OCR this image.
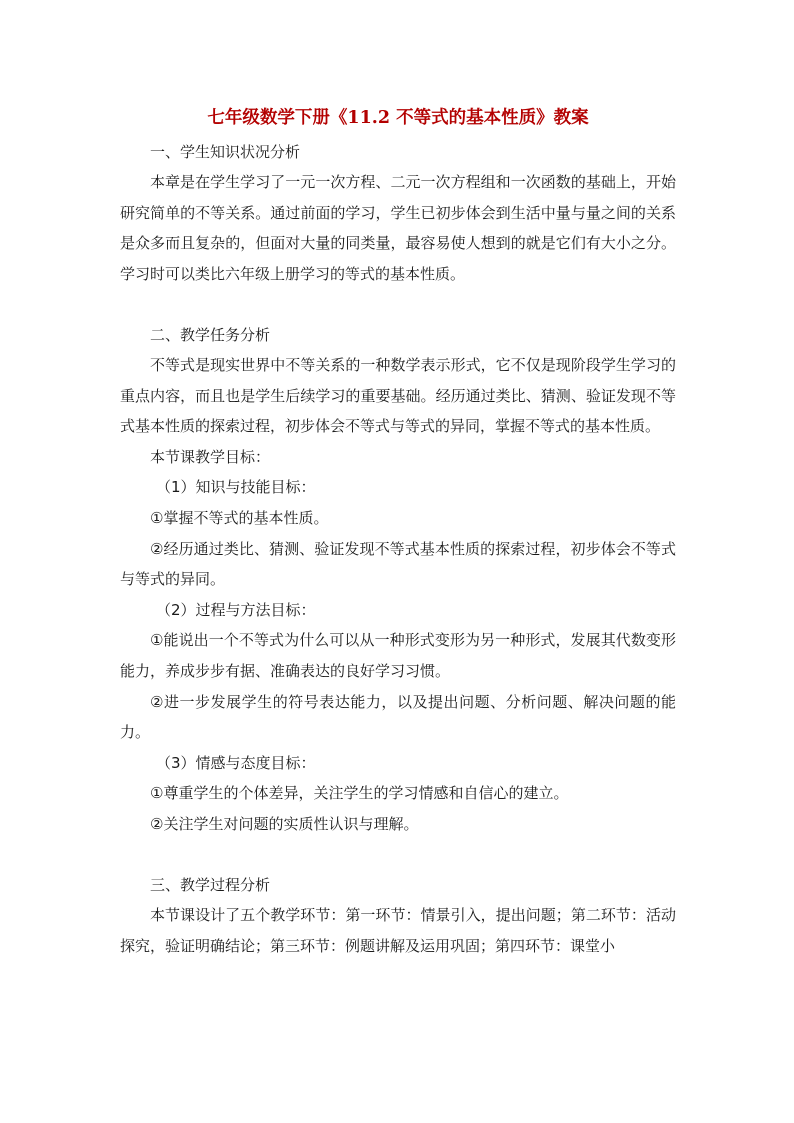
七年级数学下册《11.2 不等式的基本性质》教案

一、学生知识状况分析

本章是在学生学习了一元一次方程、二元一次方程组和一次函数的基础上，开始研究简单的不等关系。通过前面的学习，学生已初步体会到生活中量与量之间的关系是众多而且复杂的，但面对大量的同类量，最容易使人想到的就是它们有大小之分。学习时可以类比六年级上册学习的等式的基本性质。

二、教学任务分析

不等式是现实世界中不等关系的一种数学表示形式，它不仅是现阶段学生学习的重点内容，而且也是学生后续学习的重要基础。经历通过类比、猜测、验证发现不等式基本性质的探索过程，初步体会不等式与等式的异同，掌握不等式的基本性质。

本节课教学目标：

（1）知识与技能目标：

①掌握不等式的基本性质。

②经历通过类比、猜测、验证发现不等式基本性质的探索过程，初步体会不等式与等式的异同。

（2）过程与方法目标：

①能说出一个不等式为什么可以从一种形式变形为另一种形式，发展其代数变形能力，养成步步有据、准确表达的良好学习习惯。

②进一步发展学生的符号表达能力，以及提出问题、分析问题、解决问题的能力。

（3）情感与态度目标：

①尊重学生的个体差异，关注学生的学习情感和自信心的建立。

②关注学生对问题的实质性认识与理解。

三、教学过程分析

本节课设计了五个教学环节：第一环节：情景引入，提出问题；第二环节：活动探究，验证明确结论；第三环节：例题讲解及运用巩固；第四环节：课堂小
